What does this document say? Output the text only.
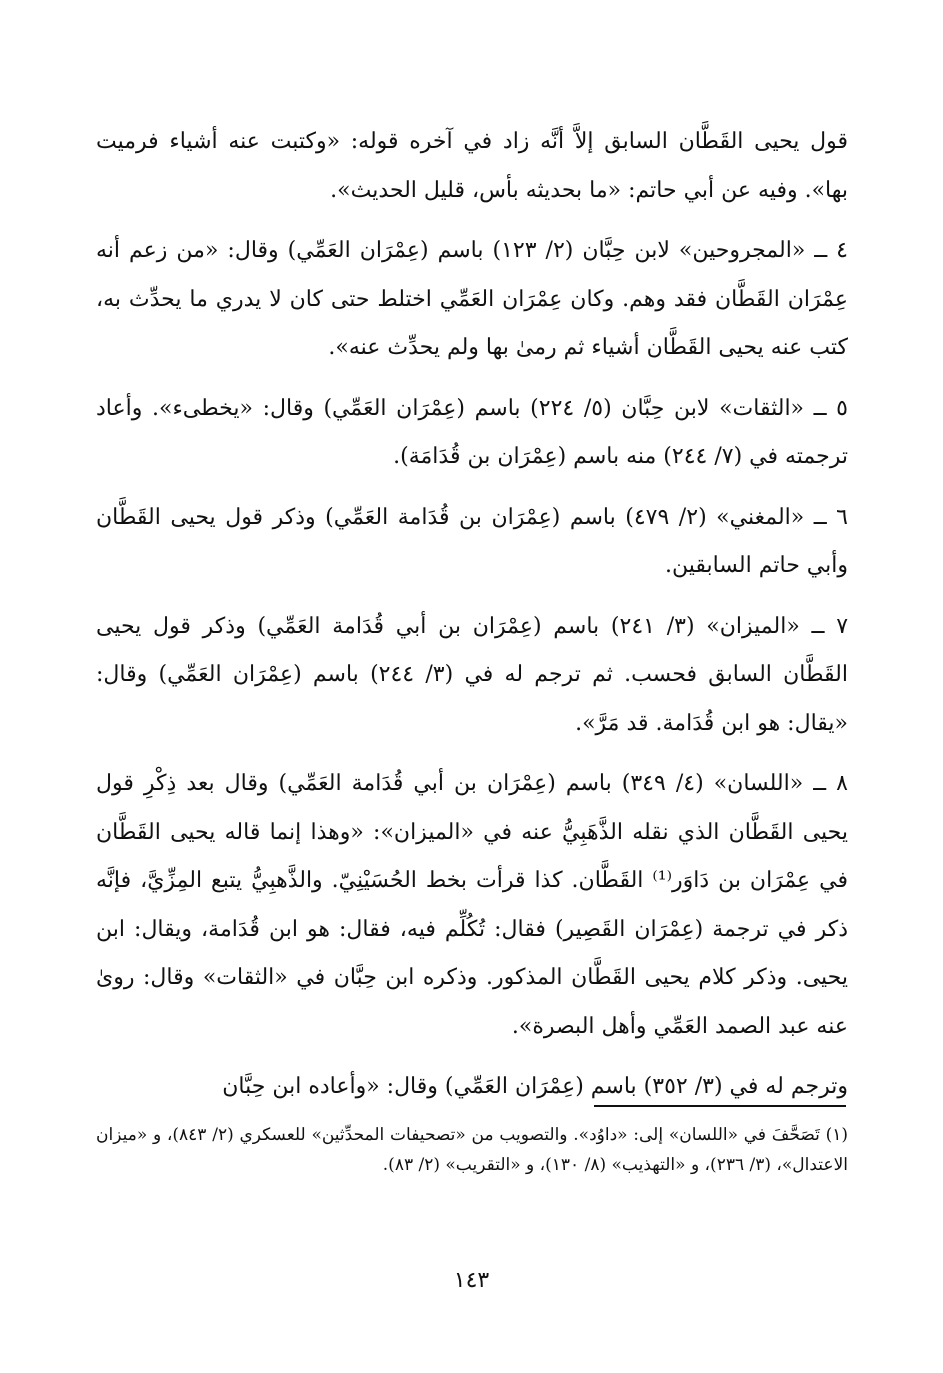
قول يحيى القَطَّان السابق إلاَّ أنَّه زاد في آخره قوله: «وكتبت عنه أشياء فرميت بها». وفيه عن أبي حاتم: «ما بحديثه بأس، قليل الحديث».

٤ ــ «المجروحين» لابن حِبَّان (٢/ ١٢٣) باسم (عِمْرَان العَمِّي) وقال: «من زعم أنه عِمْرَان القَطَّان فقد وهم. وكان عِمْرَان العَمِّي اختلط حتى كان لا يدري ما يحدِّث به، كتب عنه يحيى القَطَّان أشياء ثم رمىٰ بها ولم يحدِّث عنه».

٥ ــ «الثقات» لابن حِبَّان (٥/ ٢٢٤) باسم (عِمْرَان العَمِّي) وقال: «يخطىء». وأعاد ترجمته في (٧/ ٢٤٤) منه باسم (عِمْرَان بن قُدَامَة).

٦ ــ «المغني» (٢/ ٤٧٩) باسم (عِمْرَان بن قُدَامة العَمِّي) وذكر قول يحيى القَطَّان وأبي حاتم السابقين.

٧ ــ «الميزان» (٣/ ٢٤١) باسم (عِمْرَان بن أبي قُدَامة العَمِّي) وذكر قول يحيى القَطَّان السابق فحسب. ثم ترجم له في (٣/ ٢٤٤) باسم (عِمْرَان العَمِّي) وقال: «يقال: هو ابن قُدَامة. قد مَرَّ».

٨ ــ «اللسان» (٤/ ٣٤٩) باسم (عِمْرَان بن أبي قُدَامة العَمِّي) وقال بعد ذِكْرِ قول يحيى القَطَّان الذي نقله الذَّهَبِيُّ عنه في «الميزان»: «وهذا إنما قاله يحيى القَطَّان في عِمْرَان بن دَاوَر⁽¹⁾ القَطَّان. كذا قرأت بخط الحُسَيْنِيّ. والذَّهبِيُّ يتبع المِزِّيَّ، فإنَّه ذكر في ترجمة (عِمْرَان القَصِير) فقال: تُكُلِّم فيه، فقال: هو ابن قُدَامة، ويقال: ابن يحيى. وذكر كلام يحيى القَطَّان المذكور. وذكره ابن حِبَّان في «الثقات» وقال: روىٰ عنه عبد الصمد العَمِّي وأهل البصرة».

وترجم له في (٣/ ٣٥٢) باسم (عِمْرَان العَمِّي) وقال: «وأعاده ابن حِبَّان

(١) تَصَحَّفَ في «اللسان» إلى: «داوُد». والتصويب من «تصحيفات المحدِّثين» للعسكري (٢/ ٨٤٣)، و «ميزان الاعتدال»، (٣/ ٢٣٦)، و «التهذيب» (٨/ ١٣٠)، و «التقريب» (٢/ ٨٣).

١٤٣
